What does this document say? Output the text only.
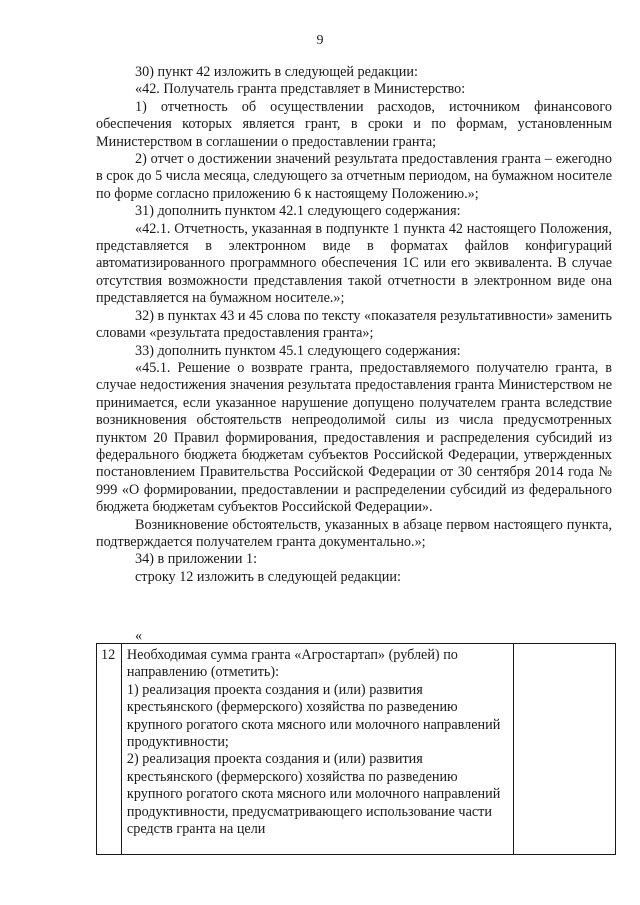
9

30) пункт 42 изложить в следующей редакции:

«42. Получатель гранта представляет в Министерство:

1) отчетность об осуществлении расходов, источником финансового обеспечения которых является грант, в сроки и по формам, установленным Министерством в соглашении о предоставлении гранта;

2) отчет о достижении значений результата предоставления гранта – ежегодно в срок до 5 числа месяца, следующего за отчетным периодом, на бумажном носителе по форме согласно приложению 6 к настоящему Положению.»;

31) дополнить пунктом 42.1 следующего содержания:

«42.1. Отчетность, указанная в подпункте 1 пункта 42 настоящего Положения, представляется в электронном виде в форматах файлов конфигураций автоматизированного программного обеспечения 1С или его эквивалента. В случае отсутствия возможности представления такой отчетности в электронном виде она представляется на бумажном носителе.»;

32) в пунктах 43 и 45 слова по тексту «показателя результативности» заменить словами «результата предоставления гранта»;

33) дополнить пунктом 45.1 следующего содержания:

«45.1. Решение о возврате гранта, предоставляемого получателю гранта, в случае недостижения значения результата предоставления гранта Министерством не принимается, если указанное нарушение допущено получателем гранта вследствие возникновения обстоятельств непреодолимой силы из числа предусмотренных пунктом 20 Правил формирования, предоставления и распределения субсидий из федерального бюджета бюджетам субъектов Российской Федерации, утвержденных постановлением Правительства Российской Федерации от 30 сентября 2014 года № 999 «О формировании, предоставлении и распределении субсидий из федерального бюджета бюджетам субъектов Российской Федерации».

Возникновение обстоятельств, указанных в абзаце первом настоящего пункта, подтверждается получателем гранта документально.»;

34) в приложении 1:

строку 12 изложить в следующей редакции:

«
12	Необходимая сумма гранта «Агростартап» (рублей) по направлению (отметить):
1) реализация проекта создания и (или) развития крестьянского (фермерского) хозяйства по разведению крупного рогатого скота мясного или молочного направлений продуктивности;
2) реализация проекта создания и (или) развития крестьянского (фермерского) хозяйства по разведению крупного рогатого скота мясного или молочного направлений продуктивности, предусматривающего использование части средств гранта на цели
